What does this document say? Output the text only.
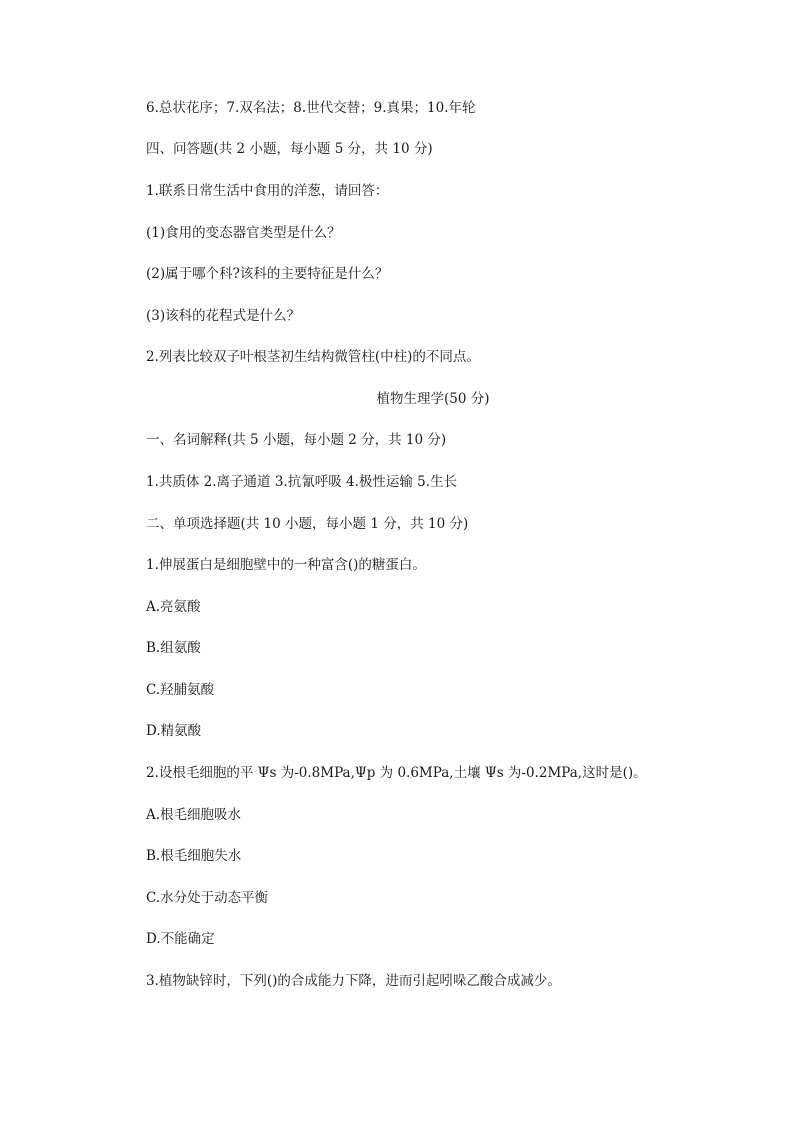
6.总状花序；7.双名法；8.世代交替；9.真果；10.年轮
四、问答题(共 2 小题，每小题 5 分，共 10 分)
1.联系日常生活中食用的洋葱，请回答：
(1)食用的变态器官类型是什么？
(2)属于哪个科?该科的主要特征是什么？
(3)该科的花程式是什么？
2.列表比较双子叶根茎初生结构微管柱(中柱)的不同点。
植物生理学(50 分)
一、名词解释(共 5 小题，每小题 2 分，共 10 分)
1.共质体 2.离子通道 3.抗氰呼吸 4.极性运输 5.生长
二、单项选择题(共 10 小题，每小题 1 分，共 10 分)
1.伸展蛋白是细胞壁中的一种富含()的糖蛋白。
A.亮氨酸
B.组氨酸
C.羟脯氨酸
D.精氨酸
2.设根毛细胞的平 Ψs 为-0.8MPa,Ψp 为 0.6MPa,土壤 Ψs 为-0.2MPa,这时是()。
A.根毛细胞吸水
B.根毛细胞失水
C.水分处于动态平衡
D.不能确定
3.植物缺锌时，下列()的合成能力下降，进而引起吲哚乙酸合成减少。
